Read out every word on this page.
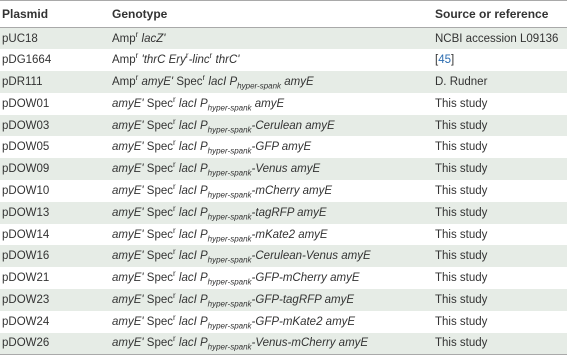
Plasmid	Genotype	Source or reference
pUC18	Amp$^r$ lacZ'	NCBI accession L09136
pDG1664	Amp$^r$ 'thrC Ery$^r$-linc$^r$ thrC'	[45]
pDR111	Amp$^r$ amyE' Spec$^r$ lacI $P_{hyper-spank}$ amyE	D. Rudner
pDOW01	amyE' Spec$^r$ lacI $P_{hyper-spank}$ amyE	This study
pDOW03	amyE' Spec$^r$ lacI $P_{hyper-spank}$-Cerulean amyE	This study
pDOW05	amyE' Spec$^r$ lacI $P_{hyper-spank}$-GFP amyE	This study
pDOW09	amyE' Spec$^r$ lacI $P_{hyper-spank}$-Venus amyE	This study
pDOW10	amyE' Spec$^r$ lacI $P_{hyper-spank}$-mCherry amyE	This study
pDOW13	amyE' Spec$^r$ lacI $P_{hyper-spank}$-tagRFP amyE	This study
pDOW14	amyE' Spec$^r$ lacI $P_{hyper-spank}-mKate2$ amyE	This study
pDOW16	amyE' Spec$^r$ lacI $P_{hyper-spank}-Cerulean$-Venus amyE	This study
pDOW21	amyE' Spec$^r$ lacI $P_{hyper-spank}-GFP$-mCherry amyE	This study
pDOW23	amyE' Spec$^r$ lacI $P_{hyper-spank}-GFP$-tagRFP amyE	This study
pDOW24	amyE' Spec$^r$ lacI $P_{hyper-spank}-GFP-mKate2$ amyE	This study
pDOW26	amyE' Spec$^r$ lacI $P_{hyper-spank}-Venus$-mCherry amyE	This study
